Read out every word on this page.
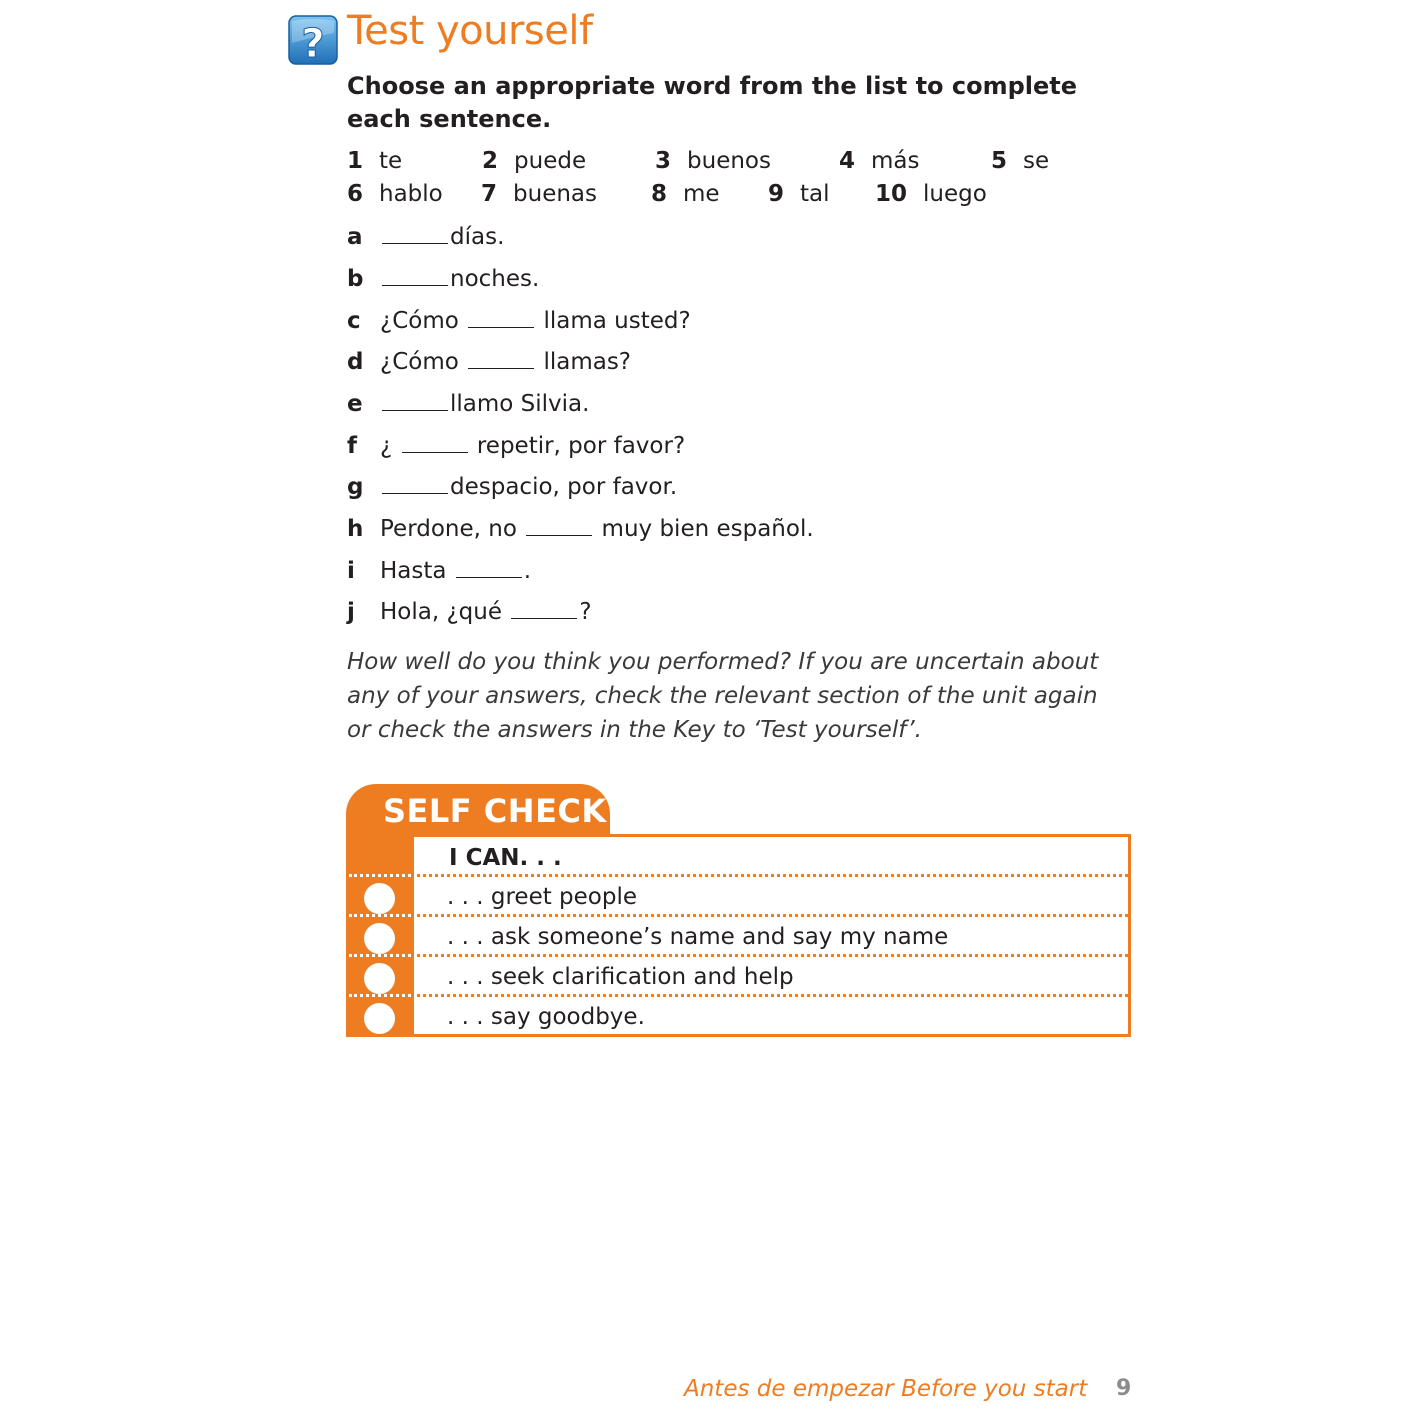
? Test yourself
Choose an appropriate word from the list to complete each sentence.
1 te	2 puede	3 buenos	4 más	5 se
6 hablo 7 buenas 8 me 9 tal 10 luego
a	días.
b	noches.
c ¿Cómo	llama usted?
d ¿Cómo	llamas?
e	llamo Silvia.
f ¿	repetir, por favor?
g	despacio, por favor.
h Perdone, no	muy bien español.
i Hasta	.
j Hola, ¿qué	?
How well do you think you performed? If you are uncertain about any of your answers, check the relevant section of the unit again or check the answers in the Key to ‘Test yourself’.
SELF CHECK
I CAN. . .
. . . greet people
. . . ask someone’s name and say my name
. . . seek clarification and help
. . . say goodbye.
Antes de empezar Before you start 9
